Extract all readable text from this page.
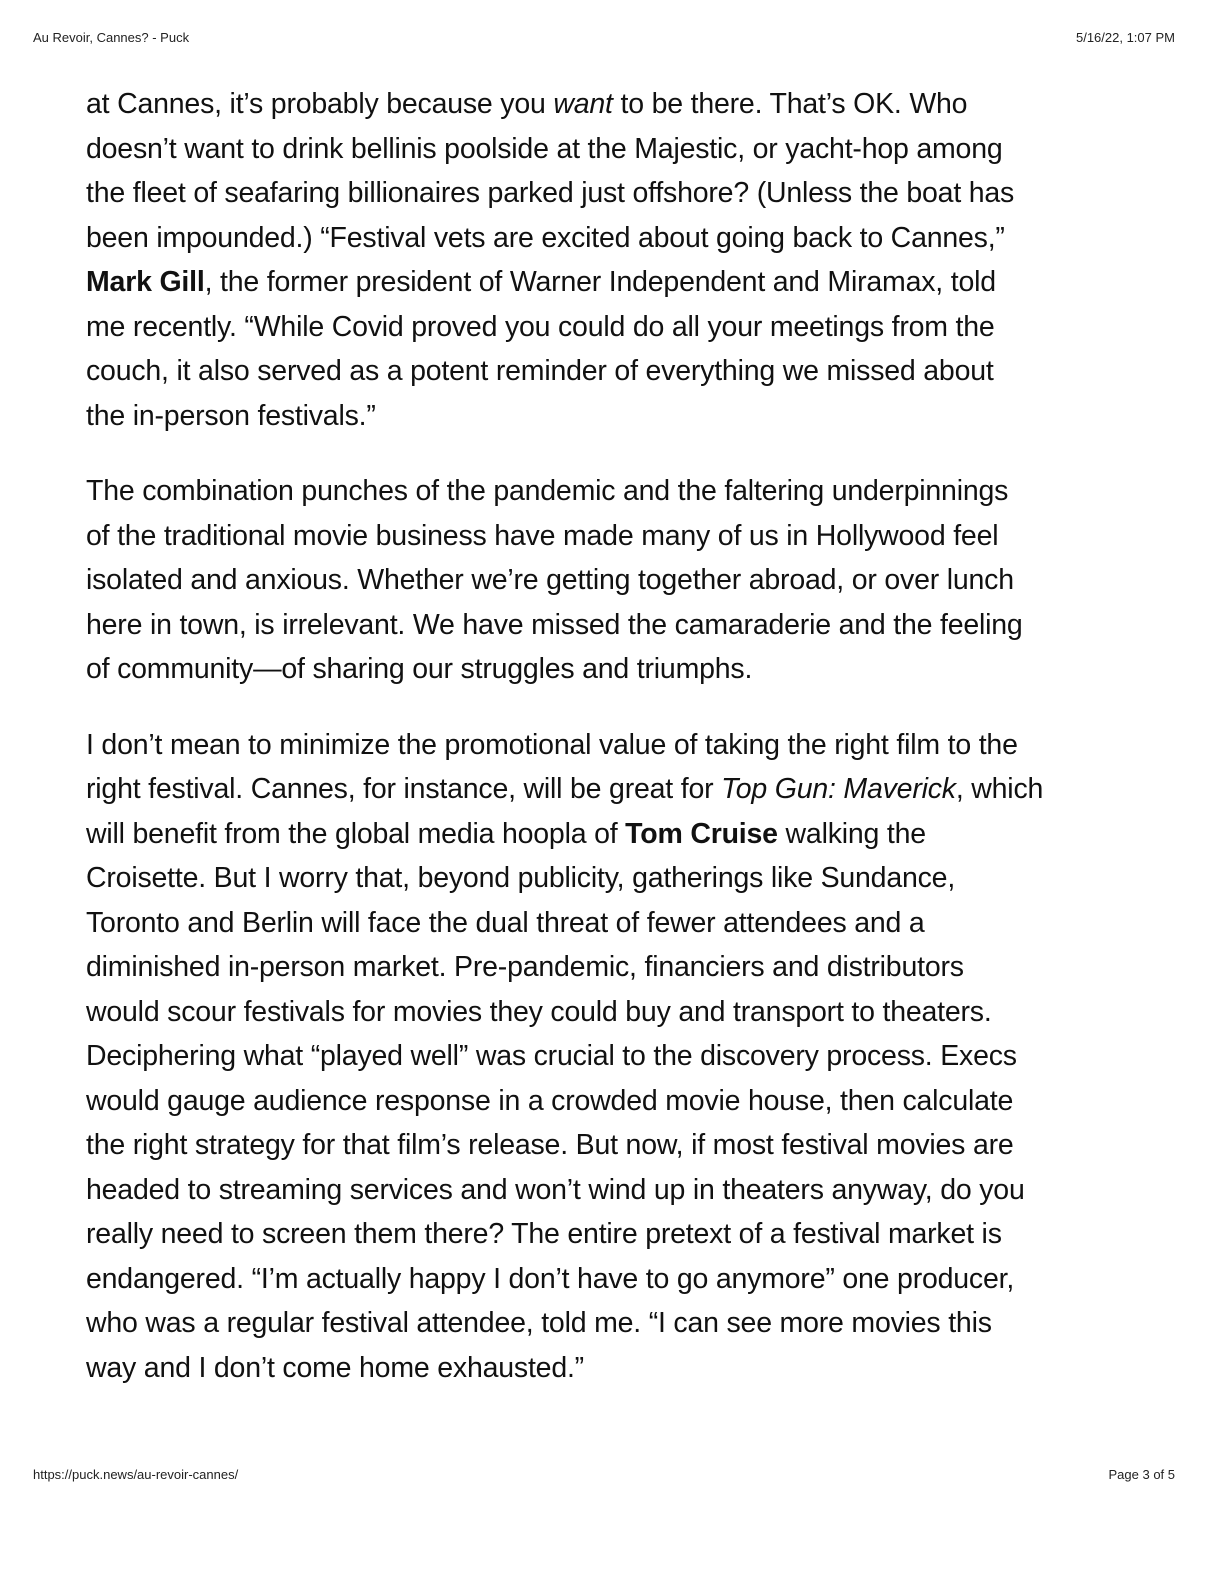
Au Revoir, Cannes? - Puck	5/16/22, 1:07 PM

at Cannes, it’s probably because you want to be there. That’s OK. Who
doesn’t want to drink bellinis poolside at the Majestic, or yacht-hop among
the fleet of seafaring billionaires parked just offshore? (Unless the boat has
been impounded.) “Festival vets are excited about going back to Cannes,”
Mark Gill, the former president of Warner Independent and Miramax, told
me recently. “While Covid proved you could do all your meetings from the
couch, it also served as a potent reminder of everything we missed about
the in-person festivals.”

The combination punches of the pandemic and the faltering underpinnings
of the traditional movie business have made many of us in Hollywood feel
isolated and anxious. Whether we’re getting together abroad, or over lunch
here in town, is irrelevant. We have missed the camaraderie and the feeling
of community—of sharing our struggles and triumphs.

I don’t mean to minimize the promotional value of taking the right film to the
right festival. Cannes, for instance, will be great for Top Gun: Maverick, which
will benefit from the global media hoopla of Tom Cruise walking the
Croisette. But I worry that, beyond publicity, gatherings like Sundance,
Toronto and Berlin will face the dual threat of fewer attendees and a
diminished in-person market. Pre-pandemic, financiers and distributors
would scour festivals for movies they could buy and transport to theaters.
Deciphering what “played well” was crucial to the discovery process. Execs
would gauge audience response in a crowded movie house, then calculate
the right strategy for that film’s release. But now, if most festival movies are
headed to streaming services and won’t wind up in theaters anyway, do you
really need to screen them there? The entire pretext of a festival market is
endangered. “I’m actually happy I don’t have to go anymore” one producer,
who was a regular festival attendee, told me. “I can see more movies this
way and I don’t come home exhausted.”

https://puck.news/au-revoir-cannes/	Page 3 of 5
